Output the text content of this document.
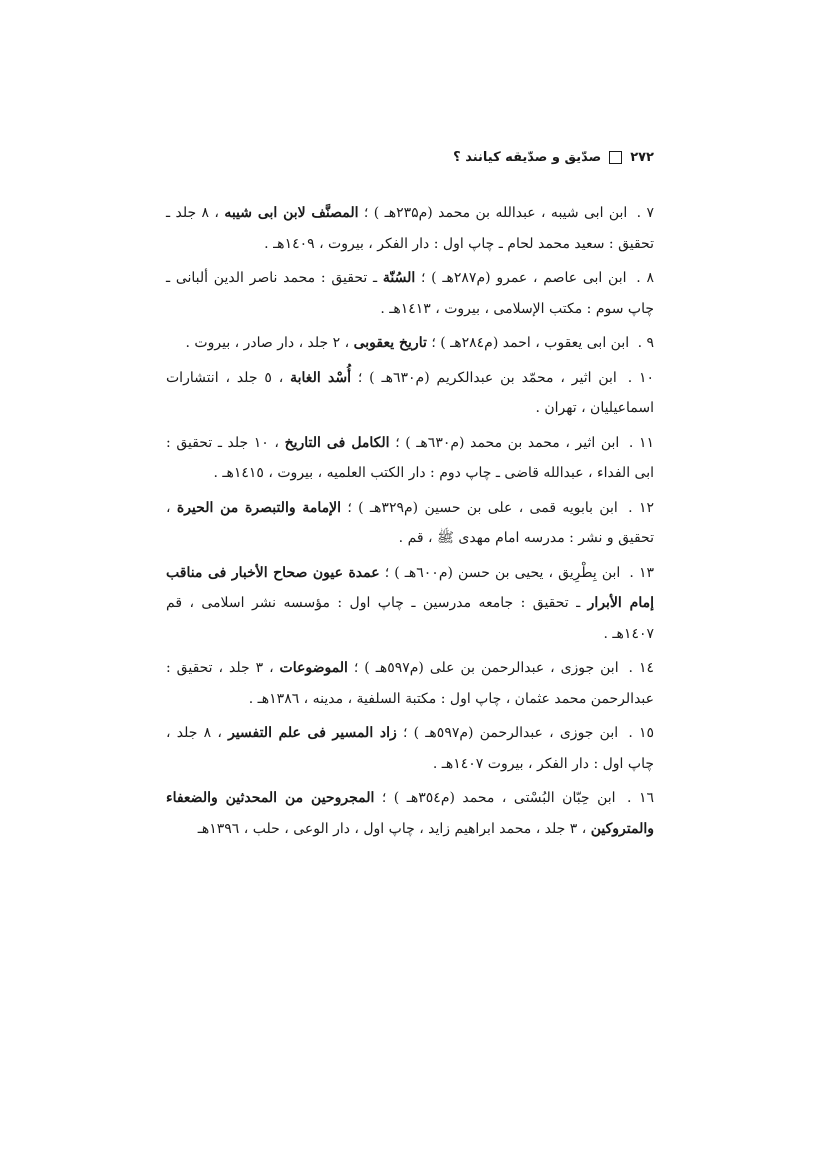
۲۷۲
صدّیق و صدّیقه کیانند ؟
۷ . ابن ابی شیبه ، عبدالله بن محمد (م۲۳۵هـ ) ؛ المصنَّف لابن ابی شیبه ، ۸ جلد ـ تحقیق : سعید محمد لحام ـ چاپ اول : دار الفکر ، بیروت ، ۱٤۰۹هـ .
۸ . ابن ابی عاصم ، عمرو (م۲۸۷هـ ) ؛ السُنّة ـ تحقیق : محمد ناصر الدین ألبانی ـ چاپ سوم : مکتب الإسلامی ، بیروت ، ۱٤۱۳هـ .
۹ . ابن ابی یعقوب ، احمد (م۲۸٤هـ ) ؛ تاریخ یعقوبی ، ۲ جلد ، دار صادر ، بیروت .
۱۰ . ابن اثیر ، محمّد بن عبدالکریم (م٦۳۰هـ ) ؛ أُسْد الغابة ، ٥ جلد ، انتشارات اسماعیلیان ، تهران .
۱۱ . ابن اثیر ، محمد بن محمد (م٦۳۰هـ ) ؛ الکامل فی التاریخ ، ۱۰ جلد ـ تحقیق : ابی الفداء ، عبدالله قاضی ـ چاپ دوم : دار الکتب العلمیه ، بیروت ، ۱٤۱٥هـ .
۱۲ . ابن بابویه قمی ، علی بن حسین (م۳۲۹هـ ) ؛ الإمامة والتبصرة من الحیرة ، تحقیق و نشر : مدرسه امام مهدی ﷺ ، قم .
۱۳ . ابن بِطْرِیق ، یحیی بن حسن (م٦۰۰هـ ) ؛ عمدة عیون صحاح الأخبار فی مناقب إمام الأبرار ـ تحقیق : جامعه مدرسین ـ چاپ اول : مؤسسه نشر اسلامی ، قم ۱٤۰۷هـ .
۱٤ . ابن جوزی ، عبدالرحمن بن علی (م٥۹۷هـ ) ؛ الموضوعات ، ۳ جلد ، تحقیق : عبدالرحمن محمد عثمان ، چاپ اول : مکتبة السلفیة ، مدینه ، ۱۳۸٦هـ .
۱٥ . ابن جوزی ، عبدالرحمن (م٥۹۷هـ ) ؛ زاد المسیر فی علم التفسیر ، ۸ جلد ، چاپ اول : دار الفکر ، بیروت ۱٤۰۷هـ .
۱٦ . ابن حِبّان البُسْتی ، محمد (م۳٥٤هـ ) ؛ المجروحین من المحدثین والضعفاء والمتروکین ، ۳ جلد ، محمد ابراهیم زاید ، چاپ اول ، دار الوعی ، حلب ، ۱۳۹٦هـ
